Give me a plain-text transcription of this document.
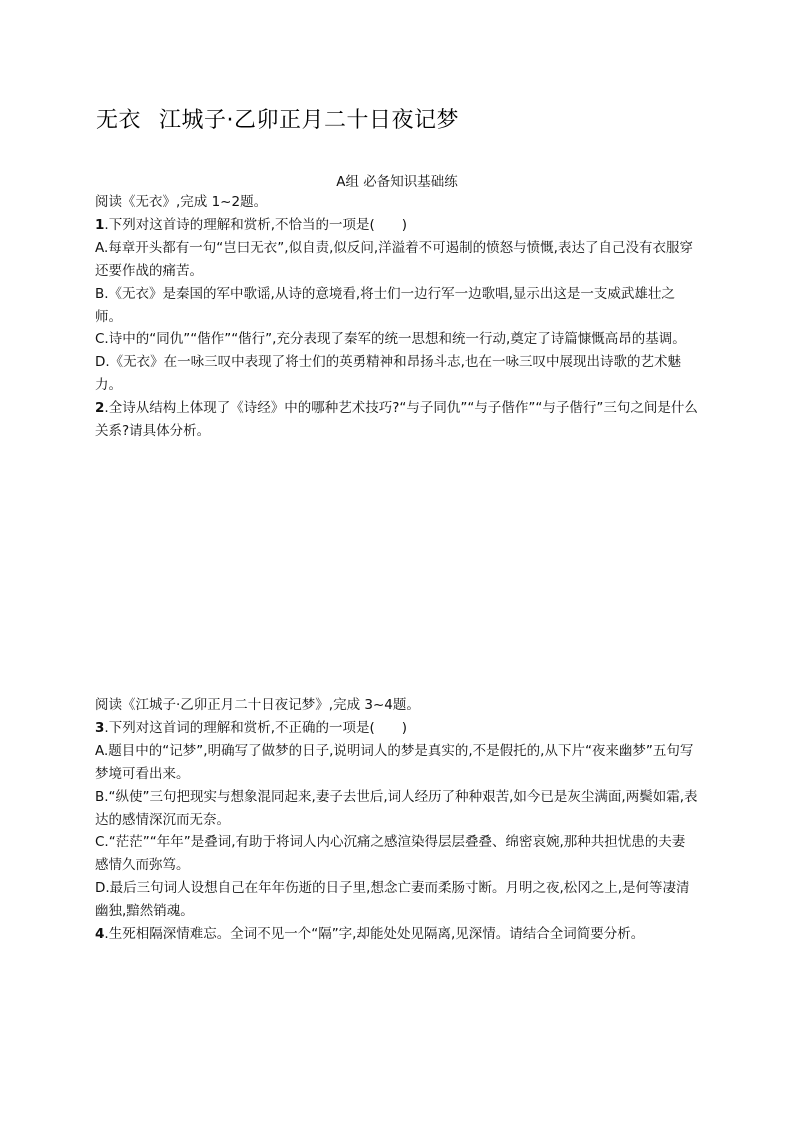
无衣 江城子·乙卯正月二十日夜记梦
A组 必备知识基础练

阅读《无衣》,完成 1~2题。

1.下列对这首诗的理解和赏析,不恰当的一项是(　　)

A.每章开头都有一句“岂曰无衣”,似自责,似反问,洋溢着不可遏制的愤怒与愤慨,表达了自己没有衣服穿还要作战的痛苦。

B.《无衣》是秦国的军中歌谣,从诗的意境看,将士们一边行军一边歌唱,显示出这是一支威武雄壮之师。

C.诗中的“同仇”“偕作”“偕行”,充分表现了秦军的统一思想和统一行动,奠定了诗篇慷慨高昂的基调。

D.《无衣》在一咏三叹中表现了将士们的英勇精神和昂扬斗志,也在一咏三叹中展现出诗歌的艺术魅力。

2.全诗从结构上体现了《诗经》中的哪种艺术技巧?“与子同仇”“与子偕作”“与子偕行”三句之间是什么关系?请具体分析。

阅读《江城子·乙卯正月二十日夜记梦》,完成 3~4题。

3.下列对这首词的理解和赏析,不正确的一项是(　　)

A.题目中的“记梦”,明确写了做梦的日子,说明词人的梦是真实的,不是假托的,从下片“夜来幽梦”五句写梦境可看出来。

B.“纵使”三句把现实与想象混同起来,妻子去世后,词人经历了种种艰苦,如今已是灰尘满面,两鬓如霜,表达的感情深沉而无奈。

C.“茫茫”“年年”是叠词,有助于将词人内心沉痛之感渲染得层层叠叠、绵密哀婉,那种共担忧患的夫妻感情久而弥笃。

D.最后三句词人设想自己在年年伤逝的日子里,想念亡妻而柔肠寸断。月明之夜,松冈之上,是何等凄清幽独,黯然销魂。

4.生死相隔深情难忘。全词不见一个“隔”字,却能处处见隔离,见深情。请结合全词简要分析。
